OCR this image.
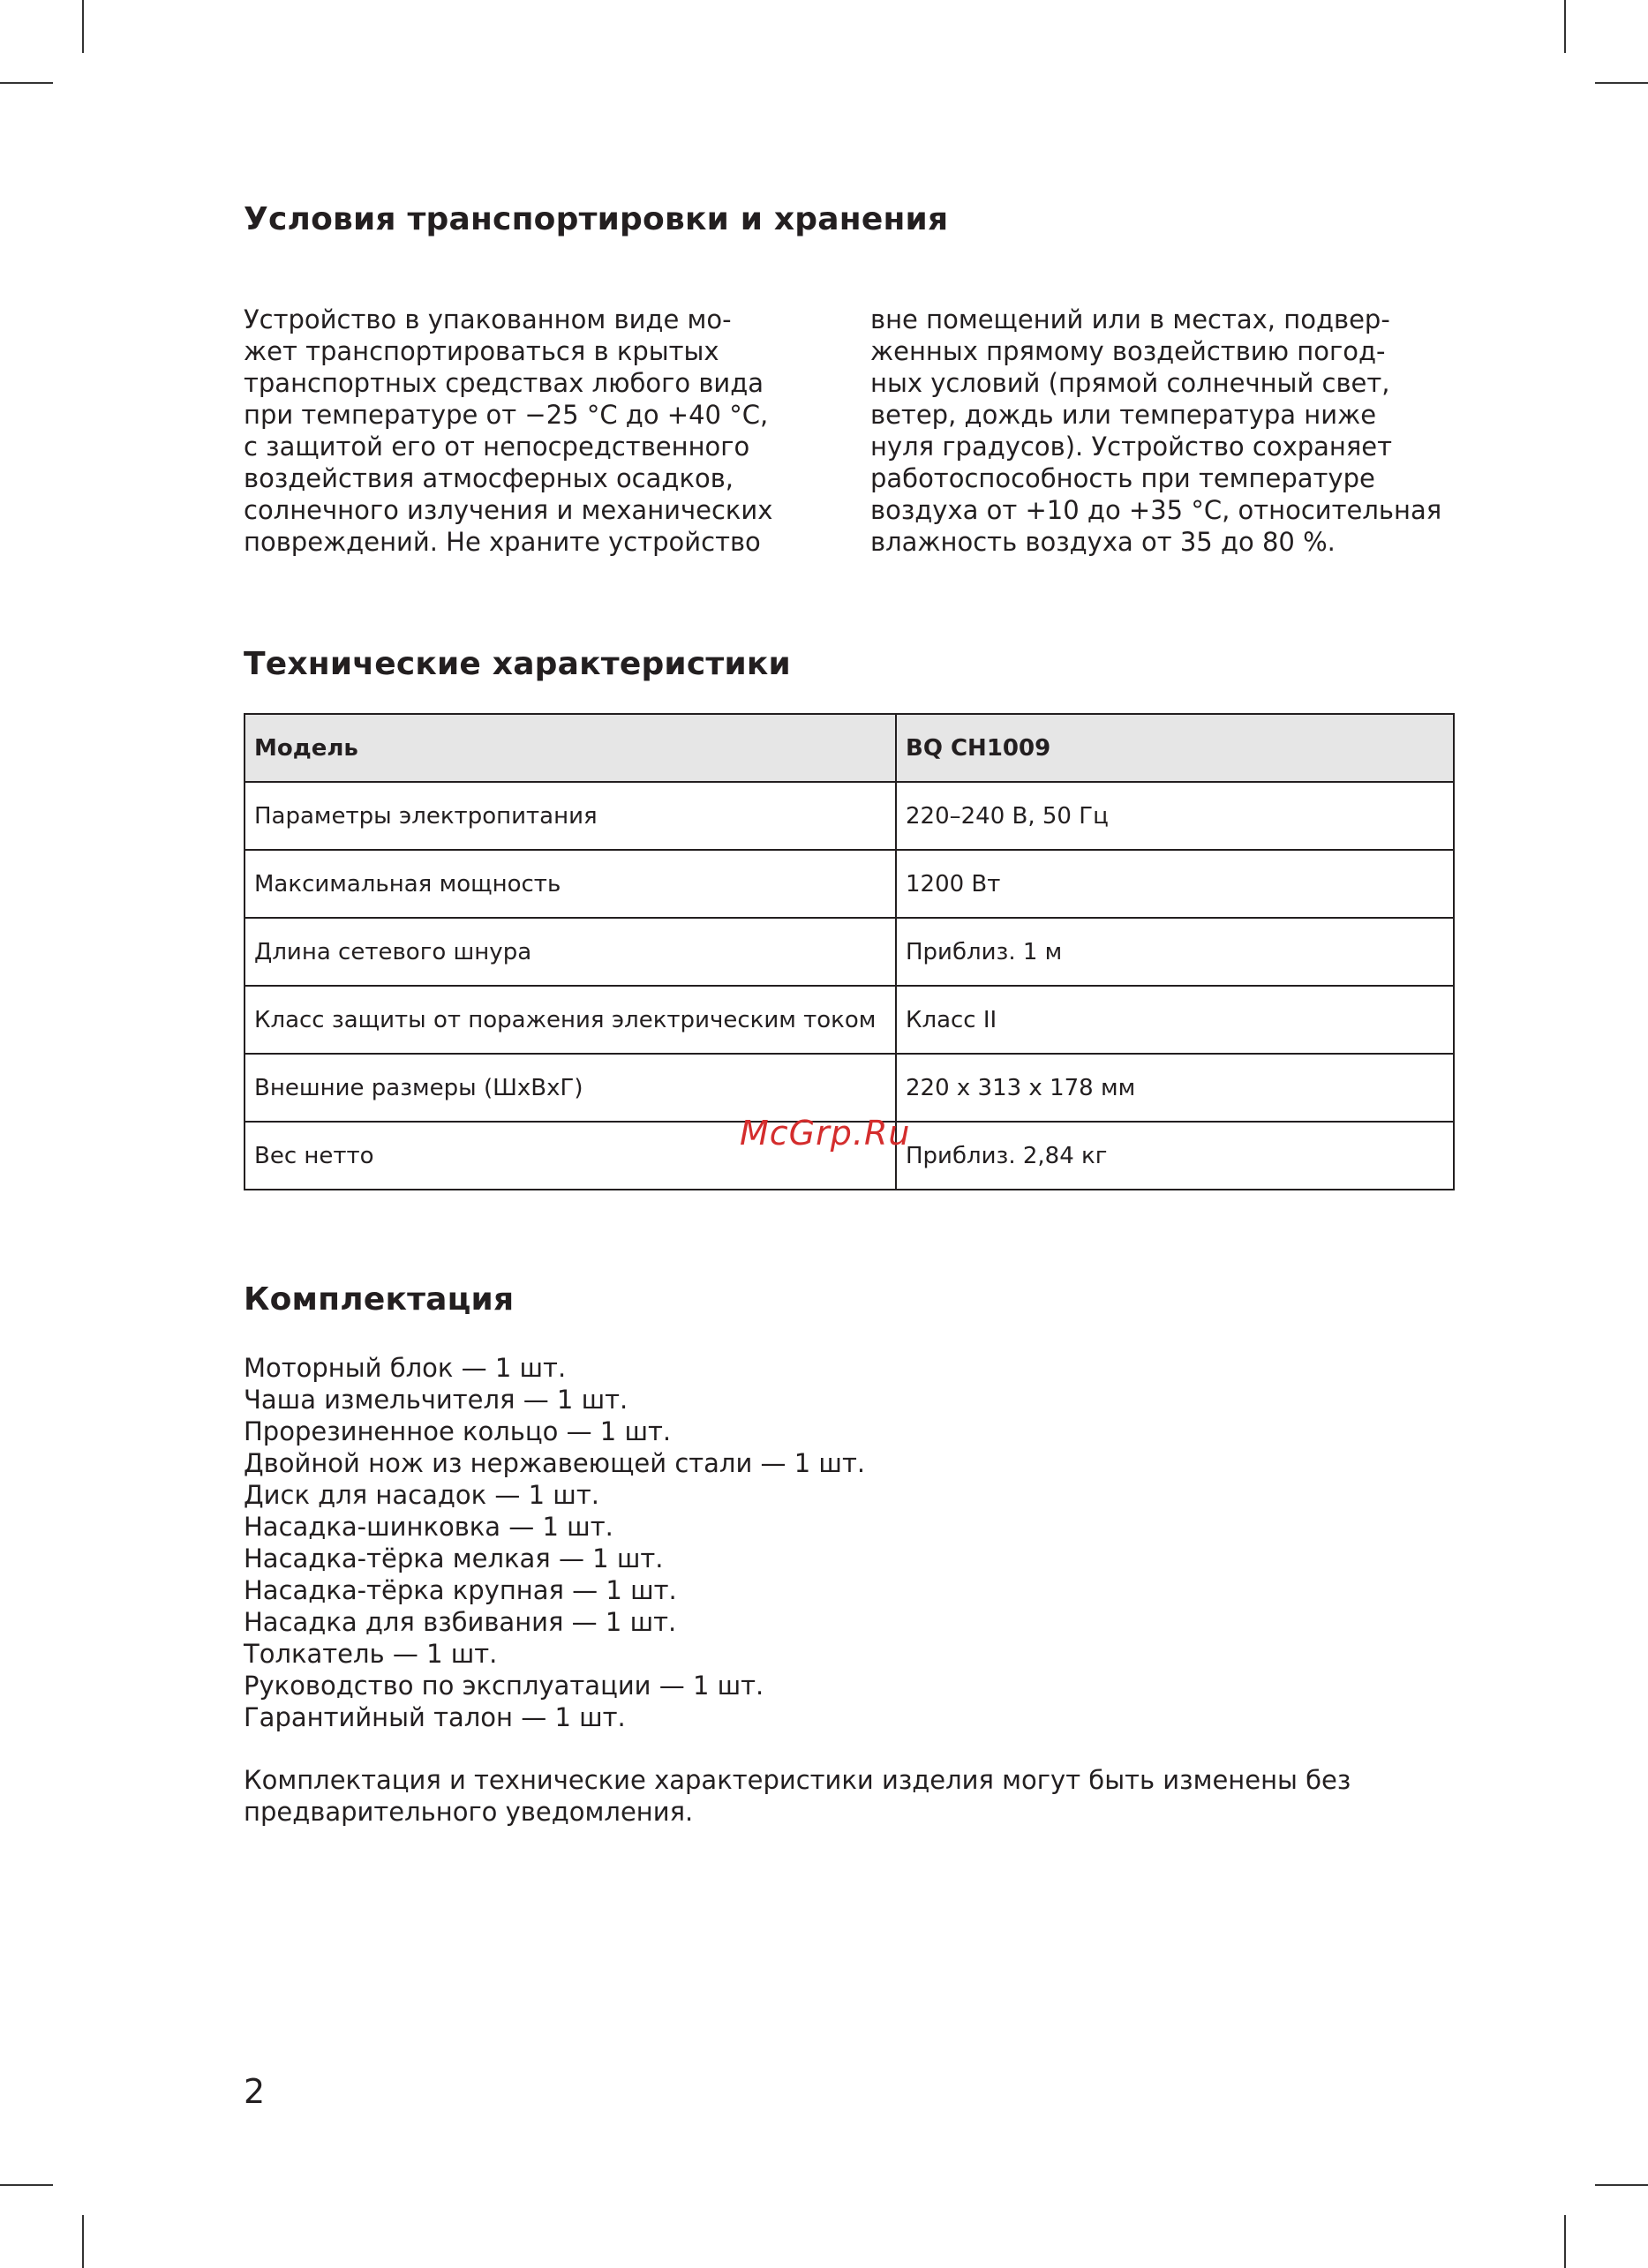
Условия транспортировки и хранения
Устройство в упакованном виде мо-
жет транспортироваться в крытых
транспортных средствах любого вида
при температуре от −25 °C до +40 °C,
с защитой его от непосредственного
воздействия атмосферных осадков,
солнечного излучения и механических
повреждений. Не храните устройство
вне помещений или в местах, подвер-
женных прямому воздействию погод-
ных условий (прямой солнечный свет,
ветер, дождь или температура ниже
нуля градусов). Устройство сохраняет
работоспособность при температуре
воздуха от +10 до +35 °C, относительная
влажность воздуха от 35 до 80 %.
Технические характеристики
Модель	BQ CH1009
Параметры электропитания	220–240 В, 50 Гц
Максимальная мощность	1200 Вт
Длина сетевого шнура	Приблиз. 1 м
Класс защиты от поражения электрическим током	Класс II
Внешние размеры (ШхВхГ)	220 х 313 х 178 мм
Вес нетто	Приблиз. 2,84 кг
Комплектация
Моторный блок — 1 шт.
Чаша измельчителя — 1 шт.
Прорезиненное кольцо — 1 шт.
Двойной нож из нержавеющей стали — 1 шт.
Диск для насадок — 1 шт.
Насадка-шинковка — 1 шт.
Насадка-тёрка мелкая — 1 шт.
Насадка-тёрка крупная — 1 шт.
Насадка для взбивания — 1 шт.
Толкатель — 1 шт.
Руководство по эксплуатации — 1 шт.
Гарантийный талон — 1 шт.
Комплектация и технические характеристики изделия могут быть изменены без предварительного уведомления.
McGrp.Ru
2
